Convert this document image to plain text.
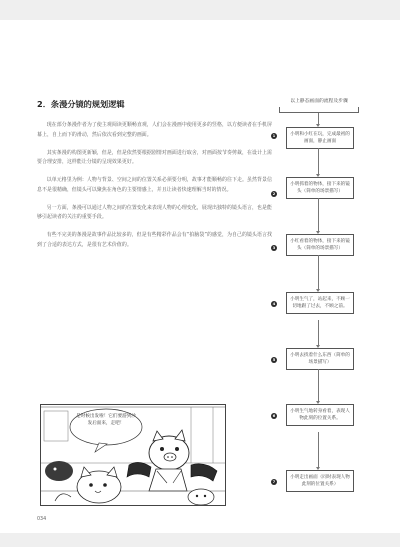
2．条漫分镜的规划逻辑

现在部分条漫作者为了使主观阅读更顺畅直观，人们会在漫画中使用更多的竖格，以方便读者在手机屏幕上，自上而下的滑动，然后依次看到完整的画面。

其实条漫的构图更新颖，但是，但是依然要根据剧情对画面进行取舍，对画面按节奏剪裁，在设计上需要合理安排，这样能让分镜的呈现效果更好。

以单元格里为例：人物与背景、空间之间的位置关系必须要分明，故事才能顺畅的往下走。虽然背景信息不是很精确，但镜头可以聚焦在角色的主要情感上，并且让读者快速理解当时的情况。

另一方面，条漫可以通过人物之间的位置变化来表现人物的心理变化，展现出独特的镜头语言，也是能够引起读者的关注的重要手段。

有些不完美的条漫是故事作品比较多的，但是有些精彩作品会有“拍脑袋”的感觉，为自己的镜头语言找到了合适的表达方式，是很有艺术价值的。

是时候出发啦！它们要游到沙发后面来，走吧！
以上静态画面的流程及步骤
小明和小红在玩，完成最初的画面，静止画面
1
小明抓着的物体，接下来的镜头（简单的场景描写）
2
小红看着的物体，接下来的镜头（简单的场景描写）
3
小明生气了，站起来，不顾一切地跟了过去，不顾之前。
4
小明去找着什么东西（简单的场景描写）
5
小明生气地转身看着，表现人物此刻的位置关系。
6
小明走出画面（同时表现人物此刻的位置关系）
7
034
